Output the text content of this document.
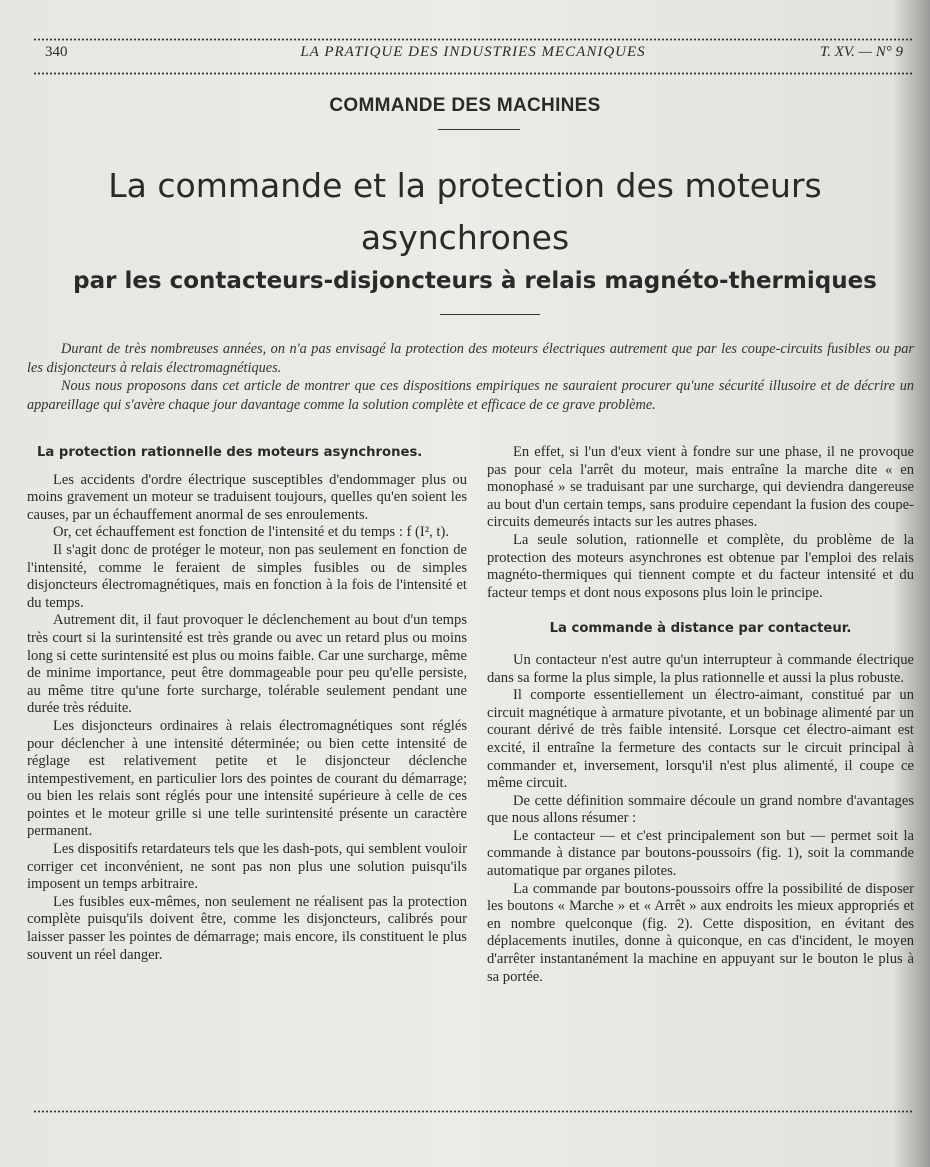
340	LA PRATIQUE DES INDUSTRIES MECANIQUES	T. XV. — N° 9
COMMANDE DES MACHINES
La commande et la protection des moteurs
asynchrones
par les contacteurs-disjoncteurs à relais magnéto-thermiques

Durant de très nombreuses années, on n'a pas envisagé la protection des moteurs électriques autrement que par les coupe-circuits fusibles ou par les disjoncteurs à relais électromagnétiques.

Nous nous proposons dans cet article de montrer que ces dispositions empiriques ne sauraient procurer qu'une sécurité illusoire et de décrire un appareillage qui s'avère chaque jour davantage comme la solution complète et efficace de ce grave problème.

La protection rationnelle des moteurs asynchrones.

Les accidents d'ordre électrique susceptibles d'endommager plus ou moins gravement un moteur se traduisent toujours, quelles qu'en soient les causes, par un échauffement anormal de ses enroulements.

Or, cet échauffement est fonction de l'intensité et du temps : f (I², t).

Il s'agit donc de protéger le moteur, non pas seulement en fonction de l'intensité, comme le feraient de simples fusibles ou de simples disjoncteurs électromagnétiques, mais en fonction à la fois de l'intensité et du temps.

Autrement dit, il faut provoquer le déclenchement au bout d'un temps très court si la surintensité est très grande ou avec un retard plus ou moins long si cette surintensité est plus ou moins faible. Car une surcharge, même de minime importance, peut être dommageable pour peu qu'elle persiste, au même titre qu'une forte surcharge, tolérable seulement pendant une durée très réduite.

Les disjoncteurs ordinaires à relais électromagnétiques sont réglés pour déclencher à une intensité déterminée; ou bien cette intensité de réglage est relativement petite et le disjoncteur déclenche intempestivement, en particulier lors des pointes de courant du démarrage; ou bien les relais sont réglés pour une intensité supérieure à celle de ces pointes et le moteur grille si une telle surintensité présente un caractère permanent.

Les dispositifs retardateurs tels que les dash-pots, qui semblent vouloir corriger cet inconvénient, ne sont pas non plus une solution puisqu'ils imposent un temps arbitraire.

Les fusibles eux-mêmes, non seulement ne réalisent pas la protection complète puisqu'ils doivent être, comme les disjoncteurs, calibrés pour laisser passer les pointes de démarrage; mais encore, ils constituent le plus souvent un réel danger.

En effet, si l'un d'eux vient à fondre sur une phase, il ne provoque pas pour cela l'arrêt du moteur, mais entraîne la marche dite « en monophasé » se traduisant par une surcharge, qui deviendra dangereuse au bout d'un certain temps, sans produire cependant la fusion des coupe-circuits demeurés intacts sur les autres phases.

La seule solution, rationnelle et complète, du problème de la protection des moteurs asynchrones est obtenue par l'emploi des relais magnéto-thermiques qui tiennent compte et du facteur intensité et du facteur temps et dont nous exposons plus loin le principe.

La commande à distance par contacteur.

Un contacteur n'est autre qu'un interrupteur à commande électrique dans sa forme la plus simple, la plus rationnelle et aussi la plus robuste.

Il comporte essentiellement un électro-aimant, constitué par un circuit magnétique à armature pivotante, et un bobinage alimenté par un courant dérivé de très faible intensité. Lorsque cet électro-aimant est excité, il entraîne la fermeture des contacts sur le circuit principal à commander et, inversement, lorsqu'il n'est plus alimenté, il coupe ce même circuit.

De cette définition sommaire découle un grand nombre d'avantages que nous allons résumer :

Le contacteur — et c'est principalement son but — permet soit la commande à distance par boutons-poussoirs (fig. 1), soit la commande automatique par organes pilotes.

La commande par boutons-poussoirs offre la possibilité de disposer les boutons « Marche » et « Arrêt » aux endroits les mieux appropriés et en nombre quelconque (fig. 2). Cette disposition, en évitant des déplacements inutiles, donne à quiconque, en cas d'incident, le moyen d'arrêter instantanément la machine en appuyant sur le bouton le plus à sa portée.
